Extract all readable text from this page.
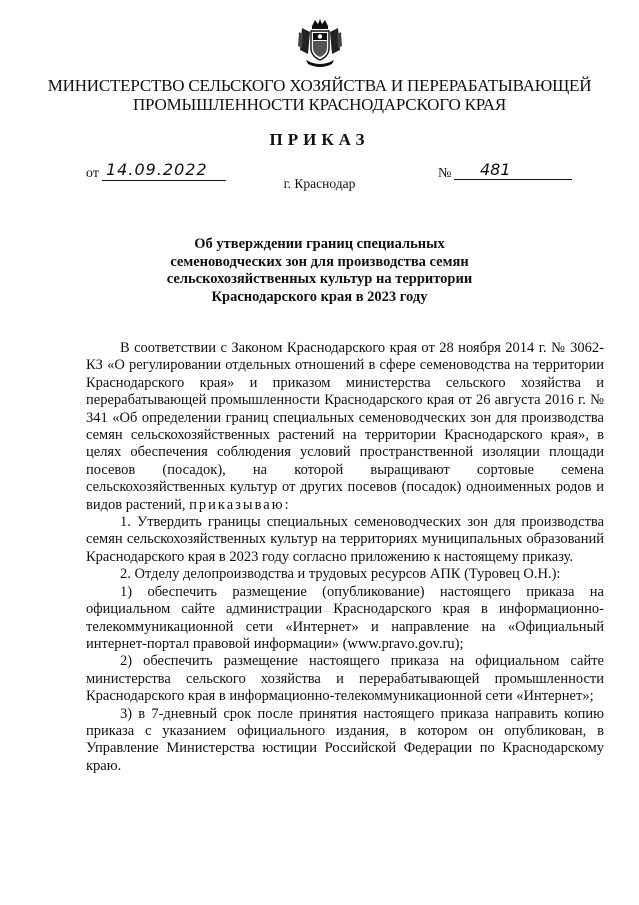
МИНИСТЕРСТВО СЕЛЬСКОГО ХОЗЯЙСТВА И ПЕРЕРАБАТЫВАЮЩЕЙ
ПРОМЫШЛЕННОСТИ КРАСНОДАРСКОГО КРАЯ
ПРИКАЗ
от 14.09.2022	№	481
г. Краснодар
Об утверждении границ специальных
семеноводческих зон для производства семян
сельскохозяйственных культур на территории
Краснодарского края в 2023 году

В соответствии с Законом Краснодарского края от 28 ноября 2014 г. № 3062-КЗ «О регулировании отдельных отношений в сфере семеноводства на территории Краснодарского края» и приказом министерства сельского хозяйства и перерабатывающей промышленности Краснодарского края от 26 августа 2016 г. № 341 «Об определении границ специальных семеноводческих зон для производства семян сельскохозяйственных растений на территории Краснодарского края», в целях обеспечения соблюдения условий пространственной изоляции площади посевов (посадок), на которой выращивают сортовые семена сельскохозяйственных культур от других посевов (посадок) одноименных родов и видов растений, приказываю:

1. Утвердить границы специальных семеноводческих зон для производства семян сельскохозяйственных культур на территориях муниципальных образований Краснодарского края в 2023 году согласно приложению к настоящему приказу.

2. Отделу делопроизводства и трудовых ресурсов АПК (Туровец О.Н.):

1) обеспечить размещение (опубликование) настоящего приказа на официальном сайте администрации Краснодарского края в информационно-телекоммуникационной сети «Интернет» и направление на «Официальный интернет-портал правовой информации» (www.pravo.gov.ru);

2) обеспечить размещение настоящего приказа на официальном сайте министерства сельского хозяйства и перерабатывающей промышленности Краснодарского края в информационно-телекоммуникационной сети «Интернет»;

3) в 7-дневный срок после принятия настоящего приказа направить копию приказа с указанием официального издания, в котором он опубликован, в Управление Министерства юстиции Российской Федерации по Краснодарскому краю.
